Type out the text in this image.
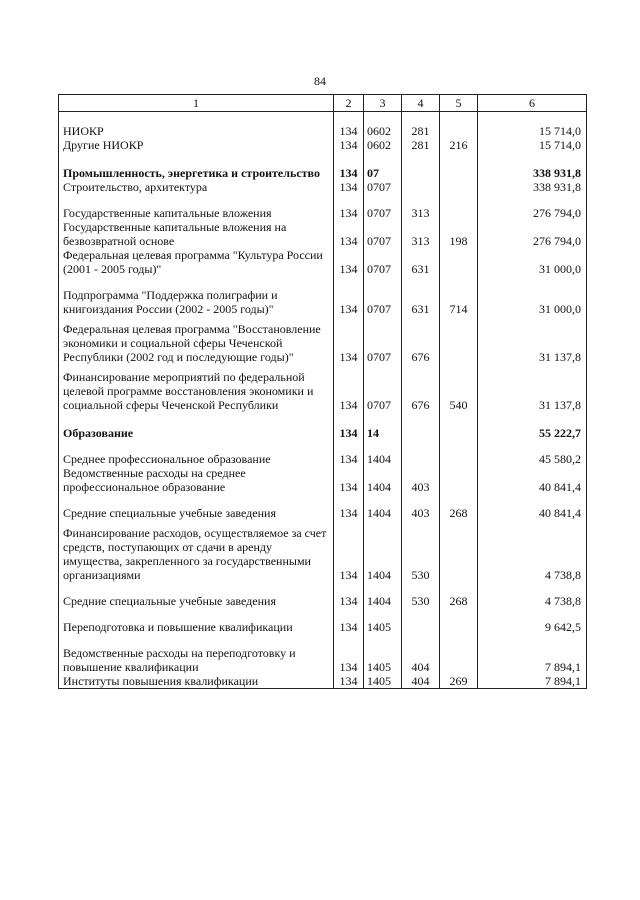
84
1	2	3	4	5	6

НИОКР	134	0602	281		15 714,0
Другие НИОКР	134	0602	281	216	15 714,0

Промышленность, энергетика и строительство	134	07			338 931,8
Строительство, архитектура	134	0707			338 931,8

Государственные капитальные вложения	134	0707	313		276 794,0
Государственные капитальные вложения на безвозвратной основе	134	0707	313	198	276 794,0
Федеральная целевая программа "Культура России (2001 - 2005 годы)"	134	0707	631		31 000,0

Подпрограмма "Поддержка полиграфии и книгоиздания России (2002 - 2005 годы)"	134	0707	631	714	31 000,0

Федеральная целевая программа "Восстановление экономики и социальной сферы Чеченской Республики (2002 год и последующие годы)"	134	0707	676		31 137,8

Финансирование мероприятий по федеральной целевой программе восстановления экономики и социальной сферы Чеченской Республики	134	0707	676	540	31 137,8

Образование	134	14			55 222,7

Среднее профессиональное образование	134	1404			45 580,2
Ведомственные расходы на среднее профессиональное образование	134	1404	403		40 841,4

Средние специальные учебные заведения	134	1404	403	268	40 841,4

Финансирование расходов, осуществляемое за счет средств, поступающих от сдачи в аренду имущества, закрепленного за государственными организациями	134	1404	530		4 738,8

Средние специальные учебные заведения	134	1404	530	268	4 738,8

Переподготовка и повышение квалификации	134	1405			9 642,5

Ведомственные расходы на переподготовку и повышение квалификации	134	1405	404		7 894,1
Институты повышения квалификации	134	1405	404	269	7 894,1
